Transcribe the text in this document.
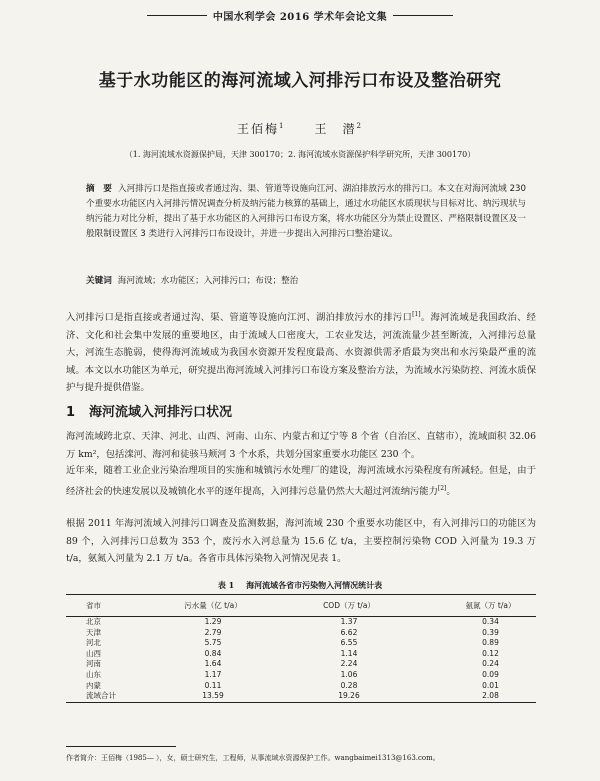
中国水利学会 2016 学术年会论文集
基于水功能区的海河流域入河排污口布设及整治研究
王佰梅$^1$ 王　潜$^2$
（1. 海河流域水资源保护局，天津 300170；2. 海河流域水资源保护科学研究所，天津 300170）
摘　要 入河排污口是指直接或者通过沟、渠、管道等设施向江河、湖泊排放污水的排污口。本文在对海河流域 230 个重要水功能区内入河排污情况调查分析及纳污能力核算的基础上，通过水功能区水质现状与目标对比、纳污现状与纳污能力对比分析，提出了基于水功能区的入河排污口布设方案，将水功能区分为禁止设置区、严格限制设置区及一般限制设置区 3 类进行入河排污口布设设计，并进一步提出入河排污口整治建议。
关键词 海河流域；水功能区；入河排污口；布设；整治
入河排污口是指直接或者通过沟、渠、管道等设施向江河、湖泊排放污水的排污口[1]。海河流域是我国政治、经济、文化和社会集中发展的重要地区，由于流域人口密度大，工农业发达，河流流量少甚至断流，入河排污总量大，河流生态脆弱，使得海河流域成为我国水资源开发程度最高、水资源供需矛盾最为突出和水污染最严重的流域。本文以水功能区为单元，研究提出海河流域入河排污口布设方案及整治方法，为流域水污染防控、河流水质保护与提升提供借鉴。
1 海河流域入河排污口状况
海河流域跨北京、天津、河北、山西、河南、山东、内蒙古和辽宁等 8 个省（自治区、直辖市），流域面积 32.06 万 km²，包括滦河、海河和徒骇马颊河 3 个水系，共划分国家重要水功能区 230 个。
近年来，随着工业企业污染治理项目的实施和城镇污水处理厂的建设，海河流域水污染程度有所减轻。但是，由于经济社会的快速发展以及城镇化水平的逐年提高，入河排污总量仍然大大超过河流纳污能力[2]。
根据 2011 年海河流域入河排污口调查及监测数据，海河流域 230 个重要水功能区中，有入河排污口的功能区为 89 个，入河排污口总数为 353 个，废污水入河总量为 15.6 亿 t/a，主要控制污染物 COD 入河量为 19.3 万 t/a，氨氮入河量为 2.1 万 t/a。各省市具体污染物入河情况见表 1。
表 1 海河流域各省市污染物入河情况统计表
省市	污水量（亿 t/a）	COD（万 t/a）	氨氮（万 t/a）
北京	1.29	1.37	0.34
天津	2.79	6.62	0.39
河北	5.75	6.55	0.89
山西	0.84	1.14	0.12
河南	1.64	2.24	0.24
山东	1.17	1.06	0.09
内蒙	0.11	0.28	0.01
流域合计	13.59	19.26	2.08
作者简介：王佰梅（1985— ），女，硕士研究生，工程师，从事流域水资源保护工作。wangbaimei1313@163.com。
